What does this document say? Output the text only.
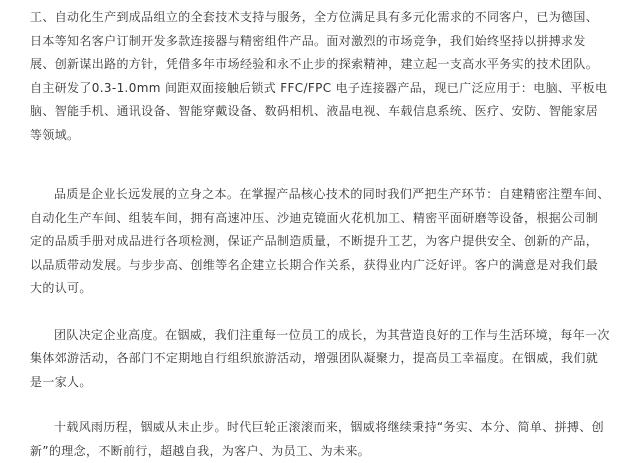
工、自动化生产到成品组立的全套技术支持与服务，全方位满足具有多元化需求的不同客户，已为德国、日本等知名客户订制开发多款连接器与精密组件产品。面对激烈的市场竞争，我们始终坚持以拼搏求发展、创新谋出路的方针，凭借多年市场经验和永不止步的探索精神，建立起一支高水平务实的技术团队。自主研发了0.3-1.0mm 间距双面接触后锁式 FFC/FPC 电子连接器产品，现已广泛应用于：电脑、平板电脑、智能手机、通讯设备、智能穿戴设备、数码相机、液晶电视、车载信息系统、医疗、安防、智能家居等领域。

品质是企业长远发展的立身之本。在掌握产品核心技术的同时我们严把生产环节：自建精密注塑车间、自动化生产车间、组装车间，拥有高速冲压、沙迪克镜面火花机加工、精密平面研磨等设备，根据公司制定的品质手册对成品进行各项检测，保证产品制造质量，不断提升工艺，为客户提供安全、创新的产品，以品质带动发展。与步步高、创维等名企建立长期合作关系，获得业内广泛好评。客户的满意是对我们最大的认可。

团队决定企业高度。在铟威，我们注重每一位员工的成长，为其营造良好的工作与生活环境，每年一次集体郊游活动，各部门不定期地自行组织旅游活动，增强团队凝聚力，提高员工幸福度。在铟威，我们就是一家人。

十载风雨历程，铟威从未止步。时代巨轮正滚滚而来，铟威将继续秉持“务实、本分、简单、拼搏、创新”的理念，不断前行，超越自我，为客户、为员工、为未来。
